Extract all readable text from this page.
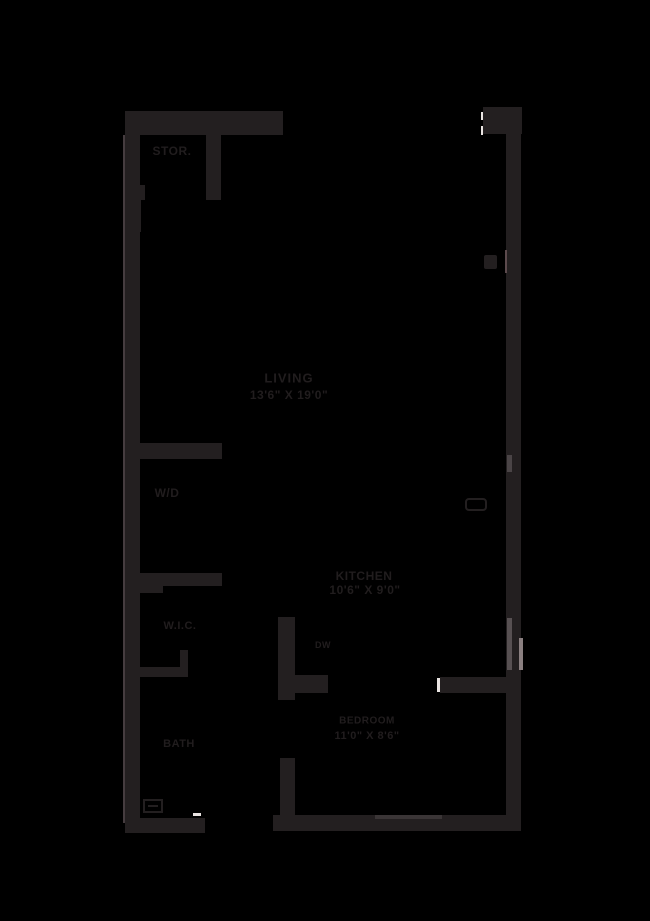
STOR.
LIVING
13'6" X 19'0"
W/D
KITCHEN
10'6" X 9'0"
W.I.C.
DW
BATH
BEDROOM
11'0" X 8'6"
